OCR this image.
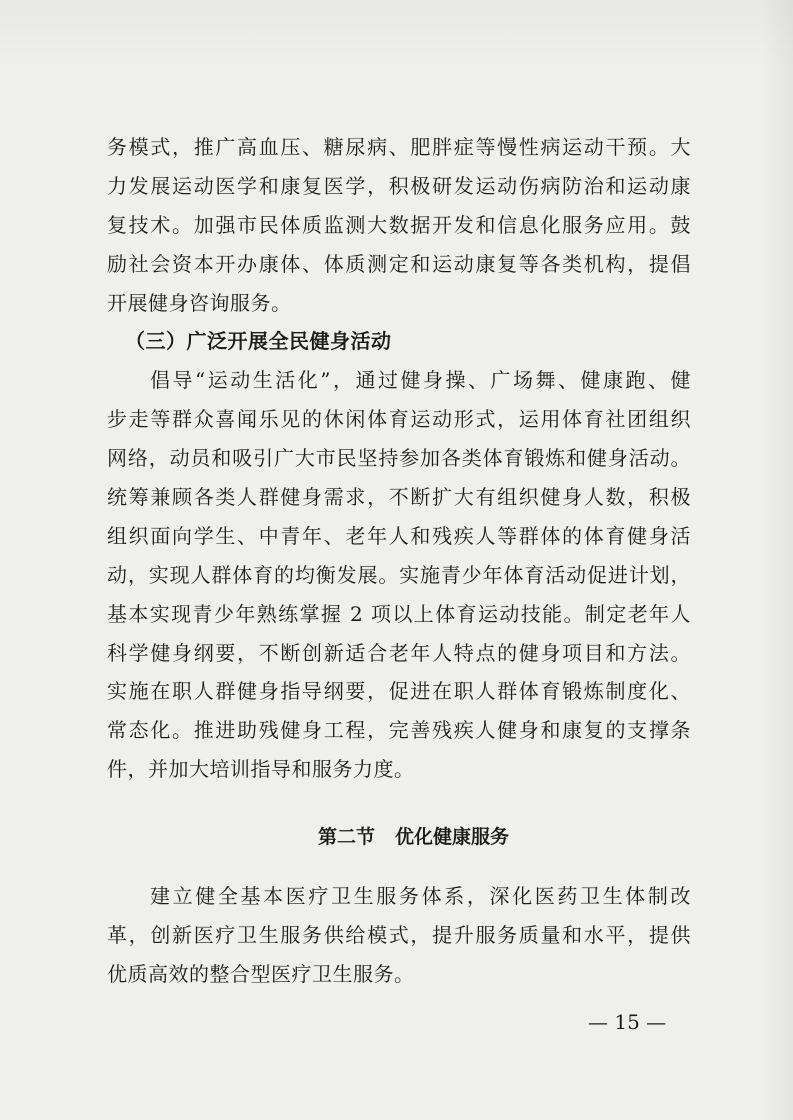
务模式，推广高血压、糖尿病、肥胖症等慢性病运动干预。大
力发展运动医学和康复医学，积极研发运动伤病防治和运动康
复技术。加强市民体质监测大数据开发和信息化服务应用。鼓
励社会资本开办康体、体质测定和运动康复等各类机构，提倡
开展健身咨询服务。
（三）广泛开展全民健身活动
倡导“运动生活化”，通过健身操、广场舞、健康跑、健
步走等群众喜闻乐见的休闲体育运动形式，运用体育社团组织
网络，动员和吸引广大市民坚持参加各类体育锻炼和健身活动。
统筹兼顾各类人群健身需求，不断扩大有组织健身人数，积极
组织面向学生、中青年、老年人和残疾人等群体的体育健身活
动，实现人群体育的均衡发展。实施青少年体育活动促进计划，
基本实现青少年熟练掌握 2 项以上体育运动技能。制定老年人
科学健身纲要，不断创新适合老年人特点的健身项目和方法。
实施在职人群健身指导纲要，促进在职人群体育锻炼制度化、
常态化。推进助残健身工程，完善残疾人健身和康复的支撑条
件，并加大培训指导和服务力度。
第二节 优化健康服务
建立健全基本医疗卫生服务体系，深化医药卫生体制改
革，创新医疗卫生服务供给模式，提升服务质量和水平，提供
优质高效的整合型医疗卫生服务。
— 15 —
